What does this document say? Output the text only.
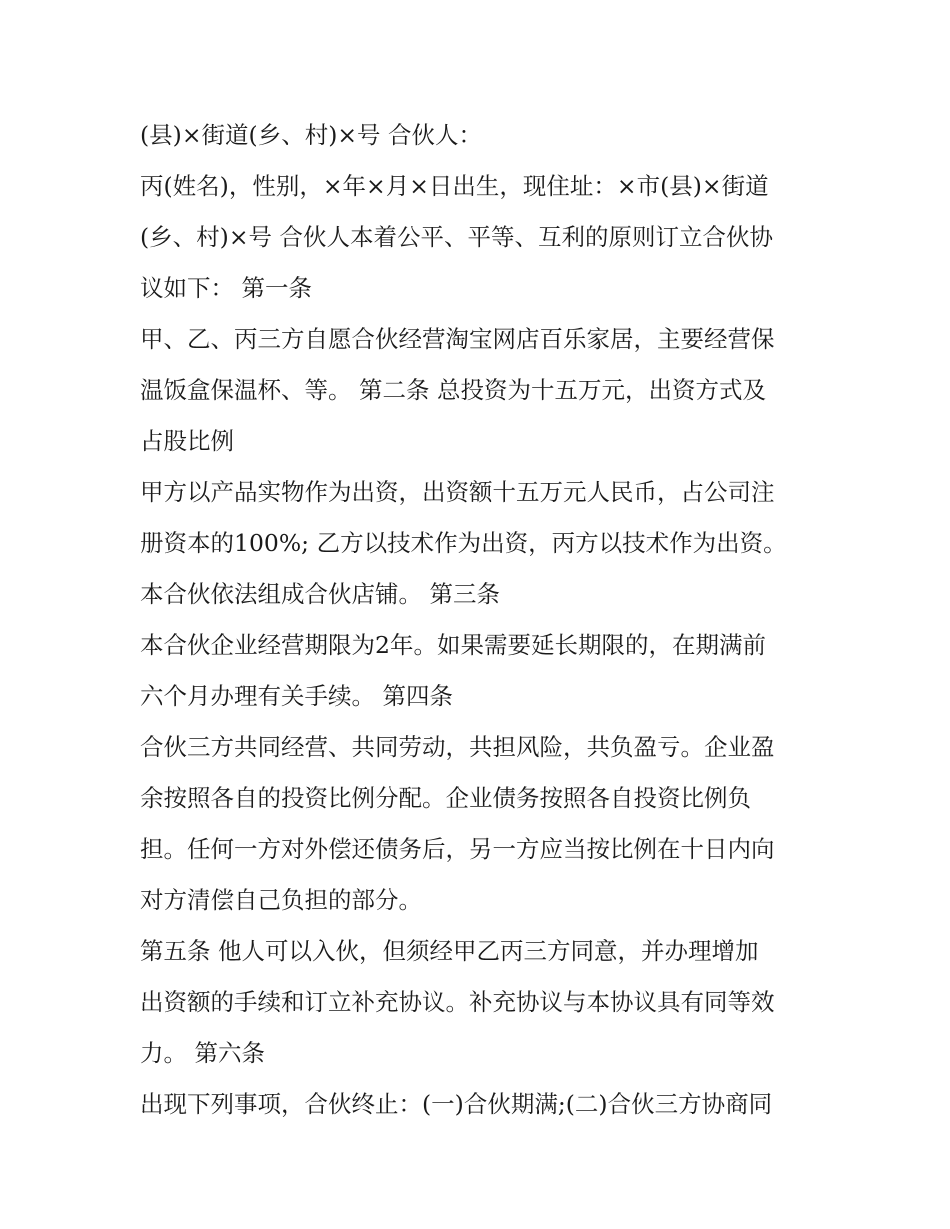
(县)×街道(乡、村)×号 合伙人：
丙(姓名)，性别，×年×月×日出生，现住址：×市(县)×街道
(乡、村)×号 合伙人本着公平、平等、互利的原则订立合伙协
议如下： 第一条
甲、乙、丙三方自愿合伙经营淘宝网店百乐家居，主要经营保
温饭盒保温杯、等。 第二条 总投资为十五万元，出资方式及
占股比例
甲方以产品实物作为出资，出资额十五万元人民币，占公司注
册资本的100%; 乙方以技术作为出资，丙方以技术作为出资。
本合伙依法组成合伙店铺。 第三条
本合伙企业经营期限为2年。如果需要延长期限的，在期满前
六个月办理有关手续。 第四条
合伙三方共同经营、共同劳动，共担风险，共负盈亏。企业盈
余按照各自的投资比例分配。企业债务按照各自投资比例负
担。任何一方对外偿还债务后，另一方应当按比例在十日内向
对方清偿自己负担的部分。
第五条 他人可以入伙，但须经甲乙丙三方同意，并办理增加
出资额的手续和订立补充协议。补充协议与本协议具有同等效
力。 第六条
出现下列事项，合伙终止：(一)合伙期满;(二)合伙三方协商同
